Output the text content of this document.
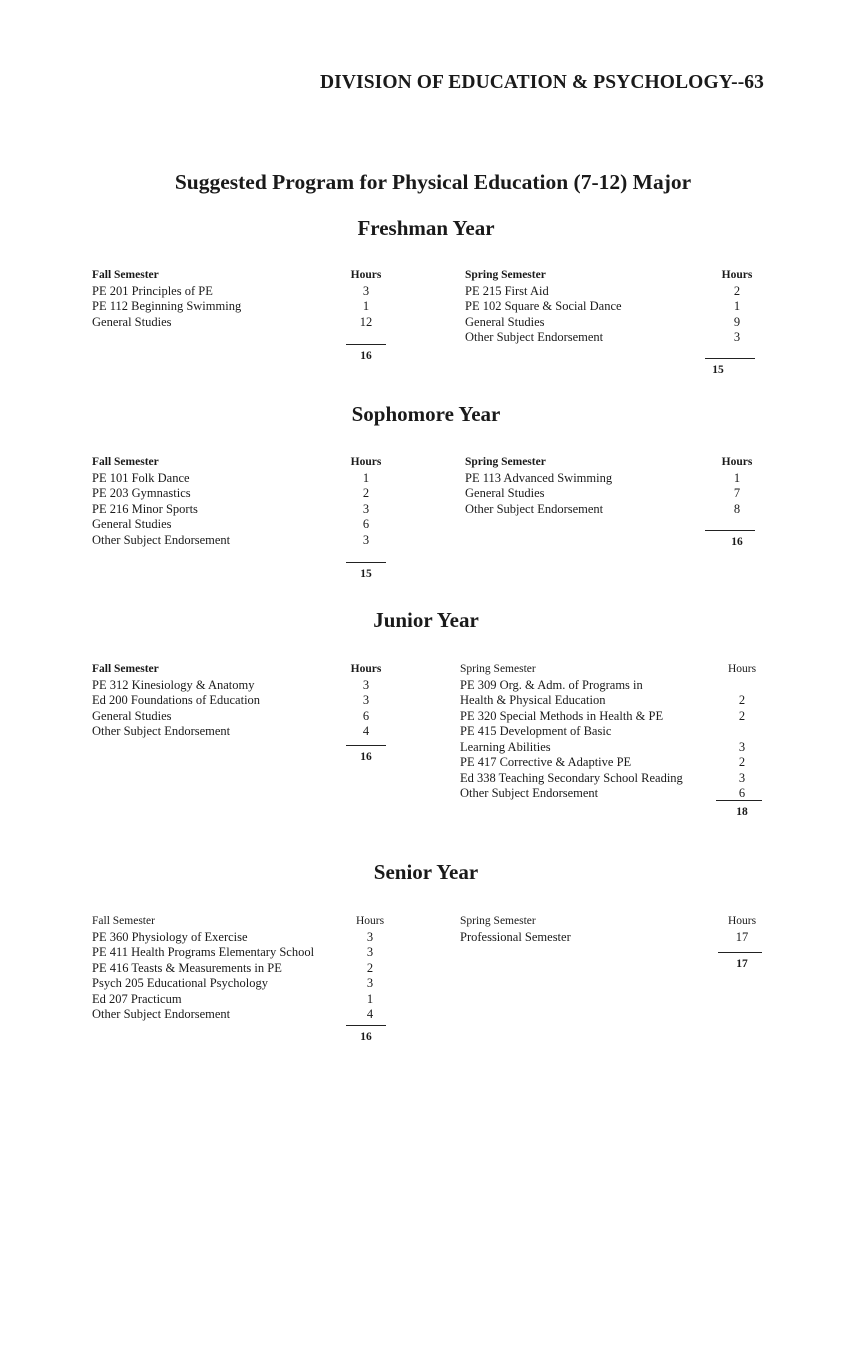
DIVISION OF EDUCATION & PSYCHOLOGY--63
Suggested Program for Physical Education (7-12) Major
Freshman Year
Fall Semester	Hours
PE 201 Principles of PE	3
PE 112 Beginning Swimming	1
General Studies	12
16
Spring Semester	Hours
PE 215 First Aid	2
PE 102 Square & Social Dance	1
General Studies	9
Other Subject Endorsement	3
15
Sophomore Year
Fall Semester	Hours
PE 101 Folk Dance	1
PE 203 Gymnastics	2
PE 216 Minor Sports	3
General Studies	6
Other Subject Endorsement	3
15
Spring Semester	Hours
PE 113 Advanced Swimming	1
General Studies	7
Other Subject Endorsement	8
16
Junior Year
Fall Semester	Hours
PE 312 Kinesiology & Anatomy	3
Ed 200 Foundations of Education	3
General Studies	6
Other Subject Endorsement	4
16
Spring Semester	Hours
PE 309 Org. & Adm. of Programs in
Health & Physical Education	2
PE 320 Special Methods in Health & PE	2
PE 415 Development of Basic
Learning Abilities	3
PE 417 Corrective & Adaptive PE	2
Ed 338 Teaching Secondary School Reading	3
Other Subject Endorsement	6
18
Senior Year
Fall Semester	Hours
PE 360 Physiology of Exercise	3
PE 411 Health Programs Elementary School	3
PE 416 Teasts & Measurements in PE	2
Psych 205 Educational Psychology	3
Ed 207 Practicum	1
Other Subject Endorsement	4
16
Spring Semester	Hours
Professional Semester	17
17
